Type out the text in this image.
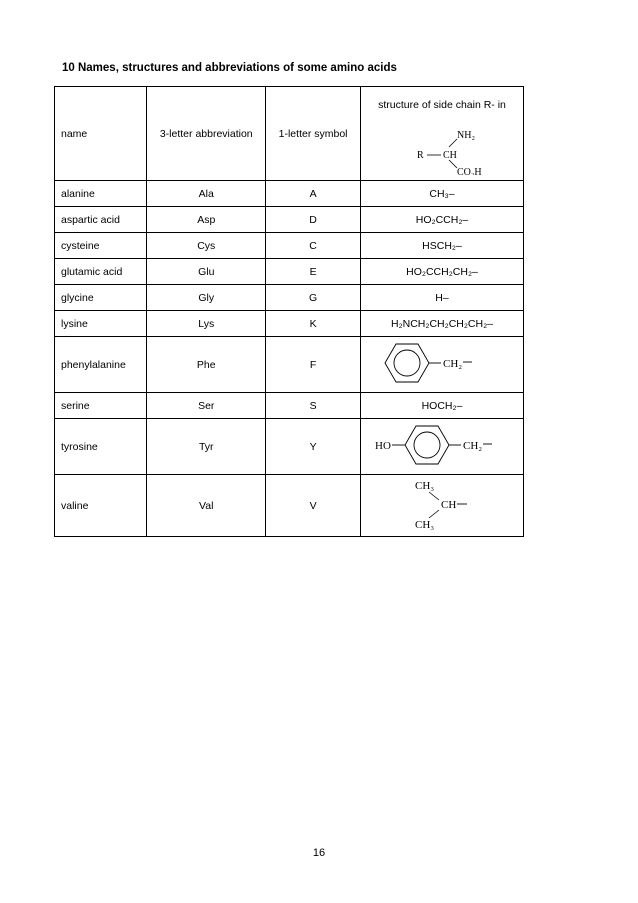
10 Names, structures and abbreviations of some amino acids
name	3-letter abbreviation	1-letter symbol	structure of side chain R- in
R CH
NH₂
CO₂H

alanine	Ala	A	CH₃–
aspartic acid	Asp	D	HO₂CCH₂–
cysteine	Cys	C	HSCH₂–
glutamic acid	Glu	E	HO₂CCH₂CH₂–
glycine	Gly	G	H–
lysine	Lys	K	H₂NCH₂CH₂CH₂CH₂–
phenylalanine	Phe	F	CH₂

serine	Ser	S	HOCH₂–
tyrosine	Tyr	Y	HO CH₂

valine	Val	V	CH₃
CH
CH₃
16
